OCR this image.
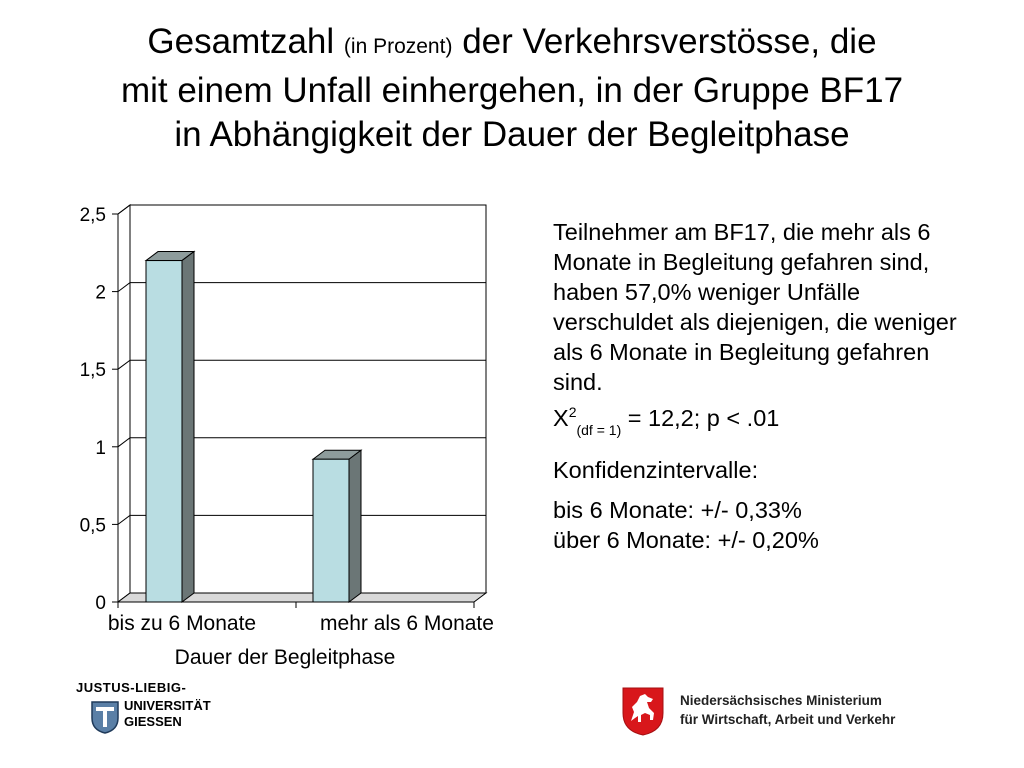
Gesamtzahl (in Prozent) der Verkehrsverstösse, die
mit einem Unfall einhergehen, in der Gruppe BF17
in Abhängigkeit der Dauer der Begleitphase
0
0,5
1
1,5
2
2,5
bis zu 6 Monate	mehr als 6 Monate
Dauer der Begleitphase

Teilnehmer am BF17, die mehr als 6 Monate in Begleitung gefahren sind, haben 57,0% weniger Unfälle verschuldet als diejenigen, die weniger als 6 Monate in Begleitung gefahren sind.

$X^2_{(df = 1)} = 12,2$; p < .01

Konfidenzintervalle:

bis 6 Monate: +/- 0,33%

über 6 Monate: +/- 0,20%

JUSTUS-LIEBIG-
UNIVERSITÄT
GIESSEN
Niedersächsisches Ministerium
für Wirtschaft, Arbeit und Verkehr
